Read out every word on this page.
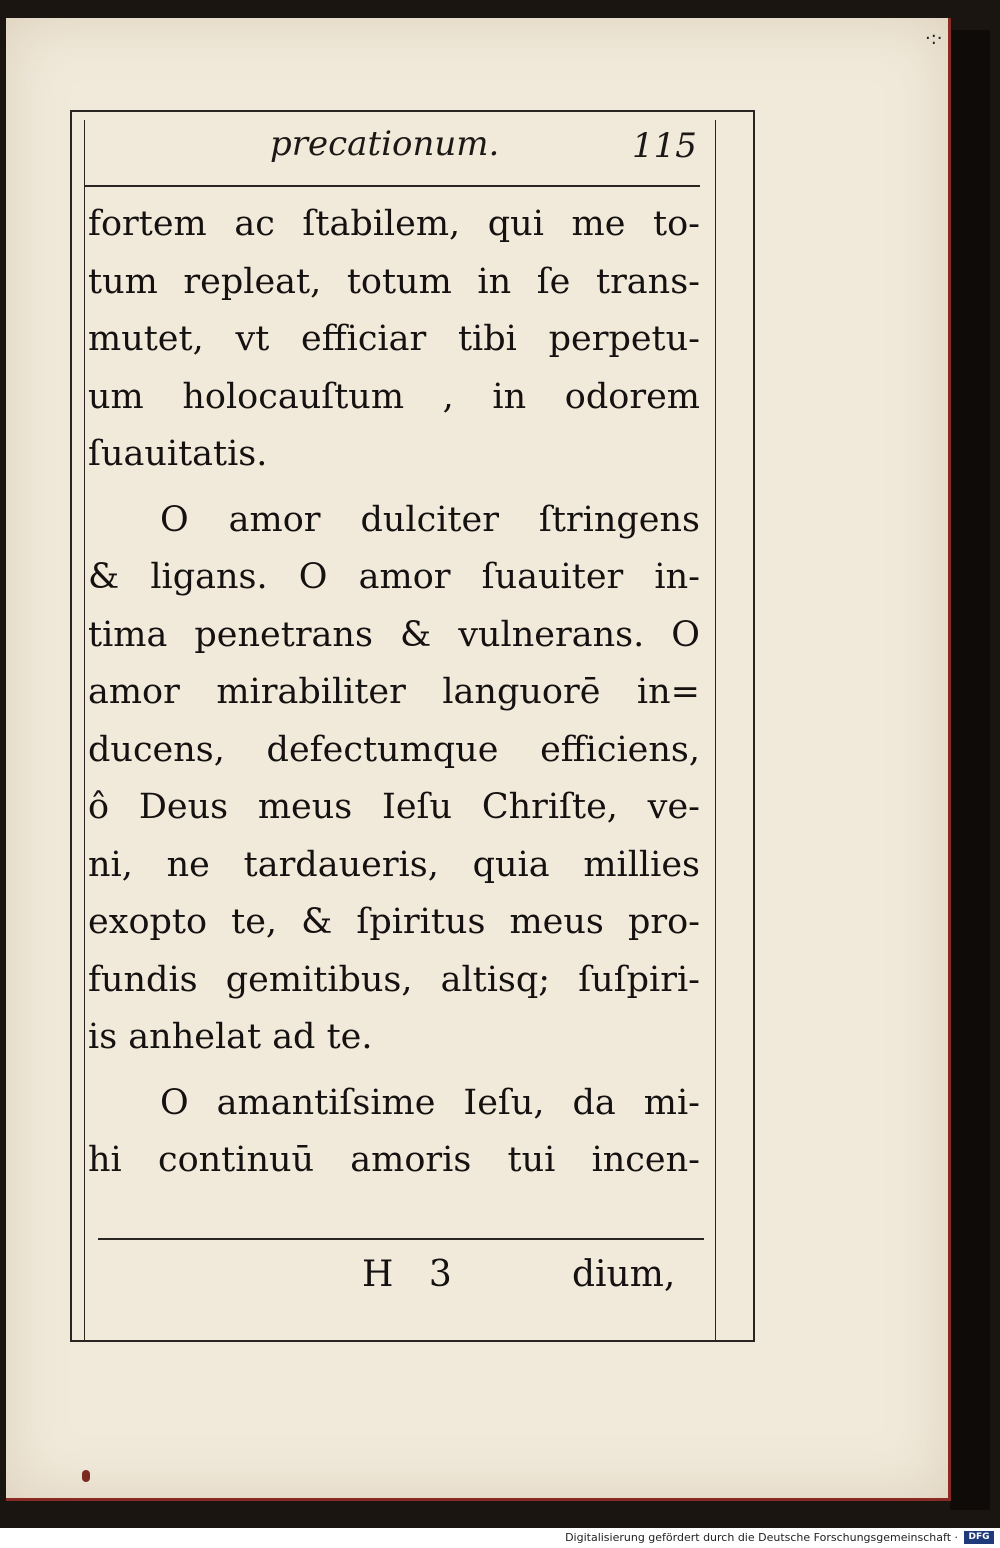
·:·
precationum.	115
fortem ac ſtabilem, qui me to-
tum repleat, totum in ſe trans-
mutet, vt efficiar tibi perpetu-
um holocauſtum , in odorem
ſuauitatis.
O amor dulciter ſtringens
& ligans. O amor ſuauiter in-
tima penetrans & vulnerans. O
amor mirabiliter languorē in=
ducens, defectumque efficiens,
ô Deus meus Ieſu Chriſte, ve-
ni, ne tardaueris, quia millies
exopto te, & ſpiritus meus pro-
fundis gemitibus, altisq; ſuſpiri-
is anhelat ad te.
O amantiſsime Ieſu, da mi-
hi continuū amoris tui incen-
H 3	dium,
Digitalisierung gefördert durch die Deutsche Forschungsgemeinschaft ·	DFG
